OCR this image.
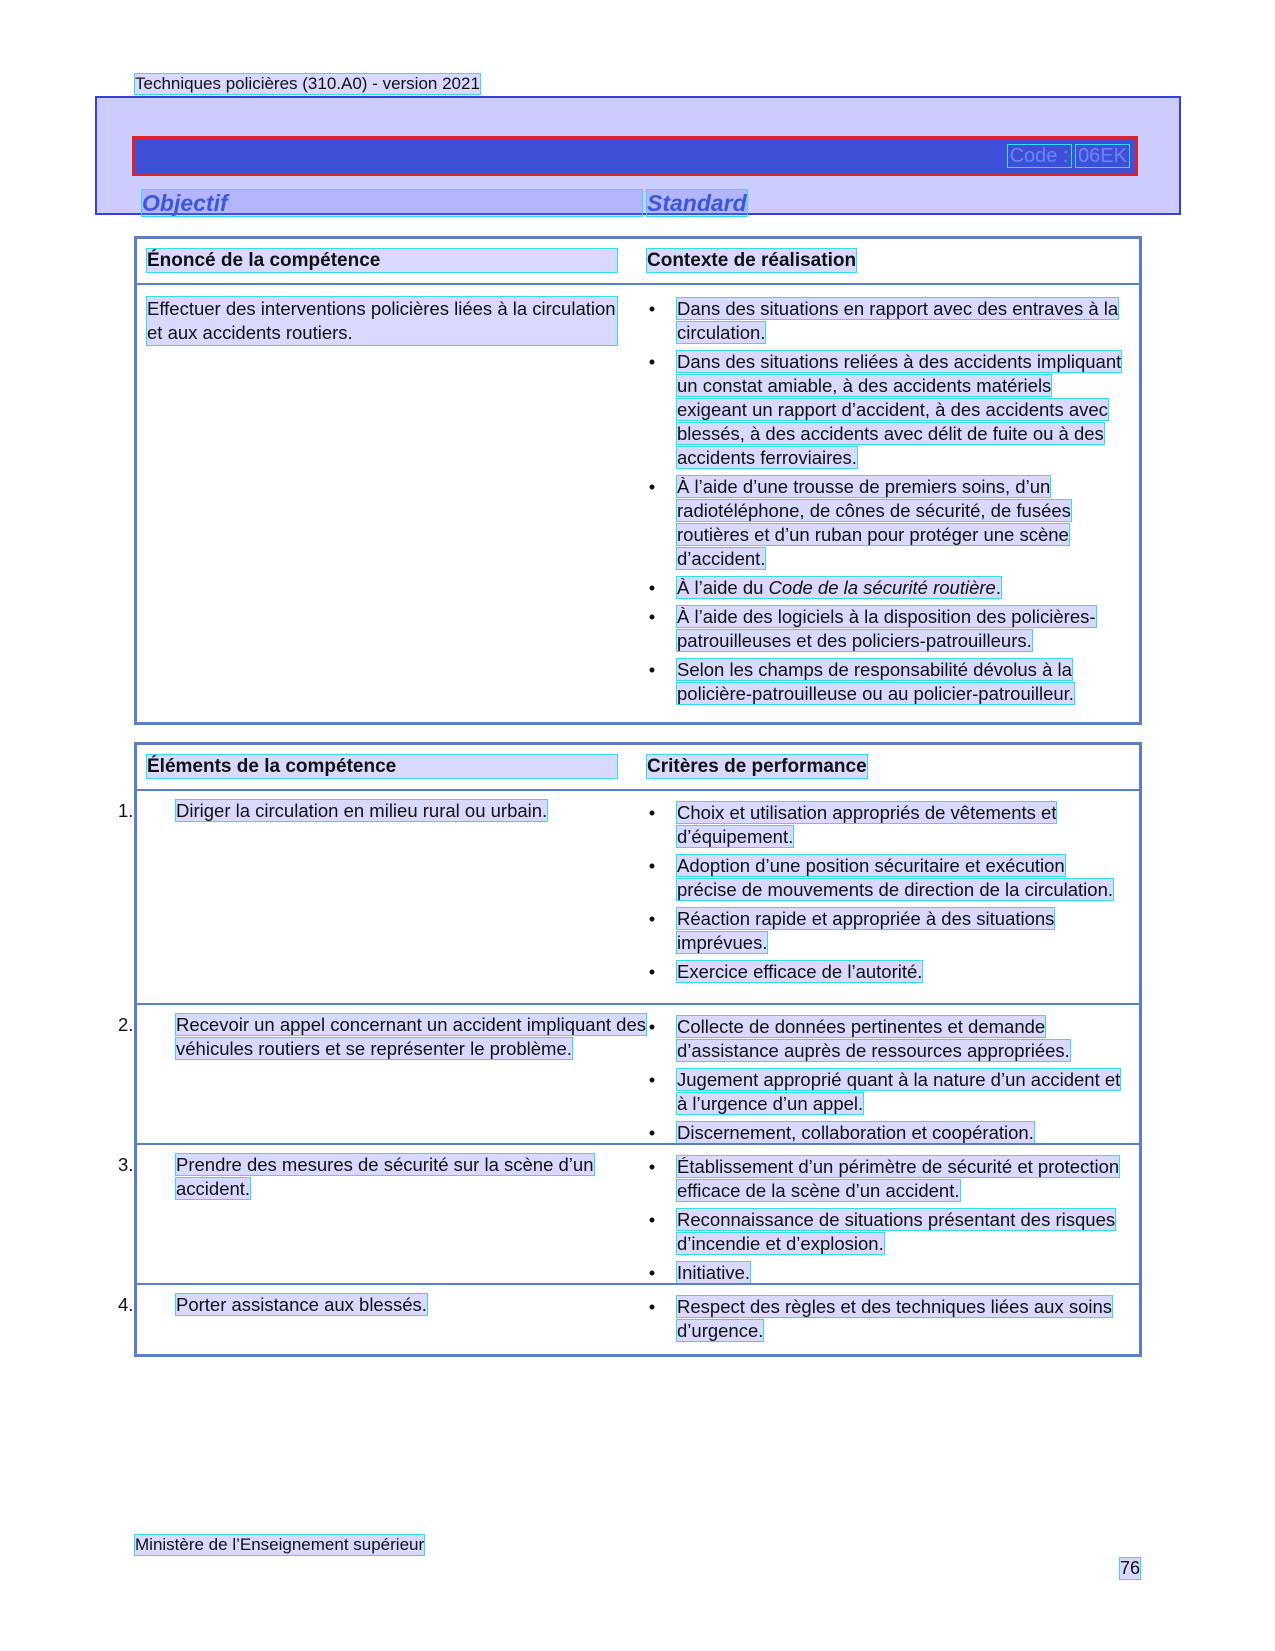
Techniques policières (310.A0) - version 2021
Code : 06EK
Objectif	Standard
Énoncé de la compétence	Contexte de réalisation
Effectuer des interventions policières liées à la circulation et aux accidents routiers.
• Dans des situations en rapport avec des entraves à la circulation.
• Dans des situations reliées à des accidents impliquant un constat amiable, à des accidents matériels exigeant un rapport d’accident, à des accidents avec blessés, à des accidents avec délit de fuite ou à des accidents ferroviaires.
• À l’aide d’une trousse de premiers soins, d’un radiotéléphone, de cônes de sécurité, de fusées routières et d’un ruban pour protéger une scène d’accident.
• À l’aide du Code de la sécurité routière.
• À l’aide des logiciels à la disposition des policières-patrouilleuses et des policiers-patrouilleurs.
• Selon les champs de responsabilité dévolus à la policière-patrouilleuse ou au policier-patrouilleur.
Éléments de la compétence	Critères de performance
1. Diriger la circulation en milieu rural ou urbain.	• Choix et utilisation appropriés de vêtements et d’équipement.
• Adoption d’une position sécuritaire et exécution précise de mouvements de direction de la circulation.
• Réaction rapide et appropriée à des situations imprévues.
• Exercice efficace de l’autorité.
2. Recevoir un appel concernant un accident impliquant des véhicules routiers et se représenter le problème.
• Collecte de données pertinentes et demande d’assistance auprès de ressources appropriées.
• Jugement approprié quant à la nature d’un accident et à l’urgence d’un appel.
• Discernement, collaboration et coopération.
3. Prendre des mesures de sécurité sur la scène d’un accident.
• Établissement d’un périmètre de sécurité et protection efficace de la scène d’un accident.
• Reconnaissance de situations présentant des risques d’incendie et d’explosion.
• Initiative.
4. Porter assistance aux blessés.	• Respect des règles et des techniques liées aux soins d’urgence.
Ministère de l’Enseignement supérieur
76
